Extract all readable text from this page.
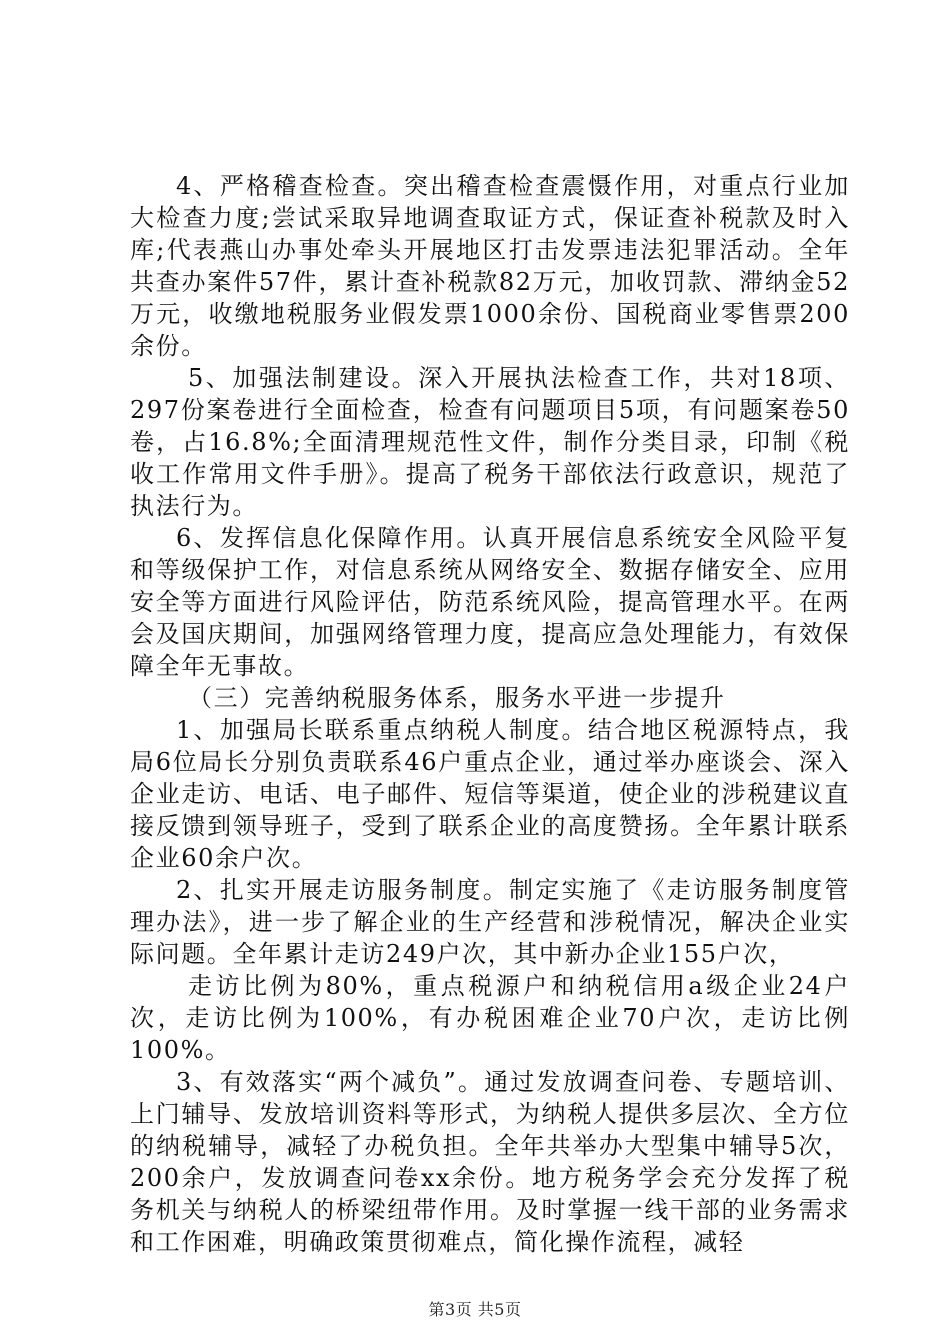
4、严格稽查检查。突出稽查检查震慑作用，对重点行业加大检查力度;尝试采取异地调查取证方式，保证查补税款及时入库;代表燕山办事处牵头开展地区打击发票违法犯罪活动。全年共查办案件57件，累计查补税款82万元，加收罚款、滞纳金52万元，收缴地税服务业假发票1000余份、国税商业零售票200余份。

5、加强法制建设。深入开展执法检查工作，共对18项、297份案卷进行全面检查，检查有问题项目5项，有问题案卷50卷，占16.8%;全面清理规范性文件，制作分类目录，印制《税收工作常用文件手册》。提高了税务干部依法行政意识，规范了执法行为。

6、发挥信息化保障作用。认真开展信息系统安全风险平复和等级保护工作，对信息系统从网络安全、数据存储安全、应用安全等方面进行风险评估，防范系统风险，提高管理水平。在两会及国庆期间，加强网络管理力度，提高应急处理能力，有效保障全年无事故。

（三）完善纳税服务体系，服务水平进一步提升

1、加强局长联系重点纳税人制度。结合地区税源特点，我局6位局长分别负责联系46户重点企业，通过举办座谈会、深入企业走访、电话、电子邮件、短信等渠道，使企业的涉税建议直接反馈到领导班子，受到了联系企业的高度赞扬。全年累计联系企业60余户次。

2、扎实开展走访服务制度。制定实施了《走访服务制度管理办法》，进一步了解企业的生产经营和涉税情况，解决企业实际问题。全年累计走访249户次，其中新办企业155户次，

走访比例为80%，重点税源户和纳税信用a级企业24户次，走访比例为100%，有办税困难企业70户次，走访比例100%。

3、有效落实“两个减负”。通过发放调查问卷、专题培训、上门辅导、发放培训资料等形式，为纳税人提供多层次、全方位的纳税辅导，减轻了办税负担。全年共举办大型集中辅导5次，200余户，发放调查问卷xx余份。地方税务学会充分发挥了税务机关与纳税人的桥梁纽带作用。及时掌握一线干部的业务需求和工作困难，明确政策贯彻难点，简化操作流程，减轻

第3页 共5页
